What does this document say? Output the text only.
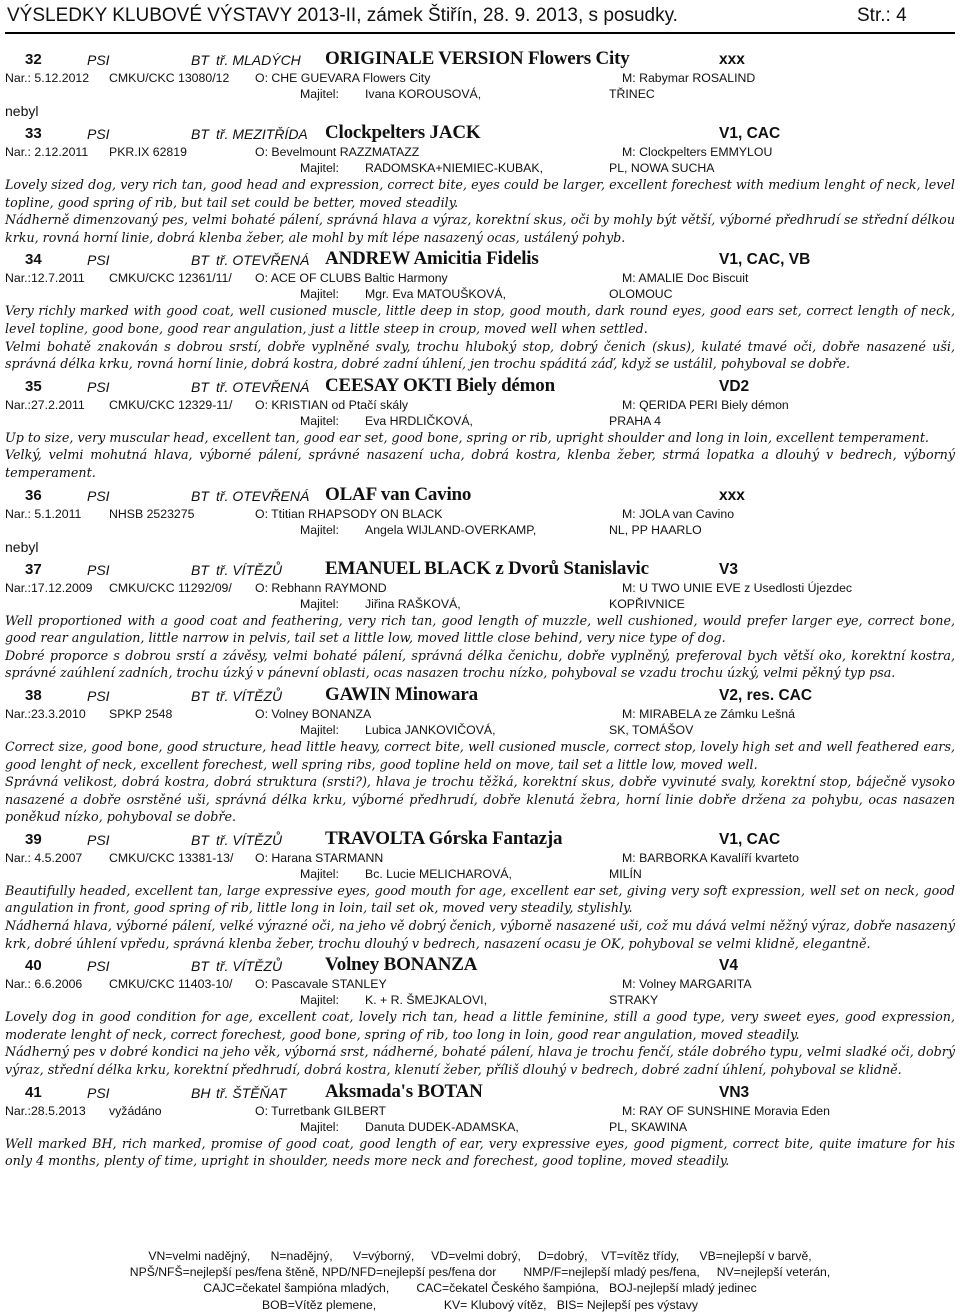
VÝSLEDKY KLUBOVÉ VÝSTAVY 2013-II, zámek Štiřín, 28. 9. 2013, s posudky.	Str.: 4
32	PSI	BT tř. MLADÝCH ORIGINALE VERSION Flowers City	xxx
Nar.: 5.12.2012 CMKU/CKC 13080/12 O: CHE GUEVARA Flowers City	M: Rabymar ROSALIND
Majitel: Ivana KOROUSOVÁ,	TŘINEC
nebyl
33	PSI	BT tř. MEZITŘÍDA Clockpelters JACK	V1, CAC
Nar.: 2.12.2011 PKR.IX 62819	O: Bevelmount RAZZMATAZZ	M: Clockpelters EMMYLOU
Majitel: RADOMSKA+NIEMIEC-KUBAK,	PL, NOWA SUCHA

Lovely sized dog, very rich tan, good head and expression, correct bite, eyes could be larger, excellent forechest with medium lenght of neck, level topline, good spring of rib, but tail set could be better, moved steadily.

Nádherně dimenzovaný pes, velmi bohaté pálení, správná hlava a výraz, korektní skus, oči by mohly být větší, výborné předhrudí se střední délkou krku, rovná horní linie, dobrá klenba žeber, ale mohl by mít lépe nasazený ocas, ustálený pohyb.

34	PSI	BT tř. OTEVŘENÁ ANDREW Amicitia Fidelis	V1, CAC, VB
Nar.:12.7.2011 CMKU/CKC 12361/11/ O: ACE OF CLUBS Baltic Harmony	M: AMALIE Doc Biscuit
Majitel: Mgr. Eva MATOUŠKOVÁ,	OLOMOUC

Very richly marked with good coat, well cusioned muscle, little deep in stop, good mouth, dark round eyes, good ears set, correct length of neck, level topline, good bone, good rear angulation, just a little steep in croup, moved well when settled.

Velmi bohatě znakován s dobrou srstí, dobře vyplněné svaly, trochu hluboký stop, dobrý čenich (skus), kulaté tmavé oči, dobře nasazené uši, správná délka krku, rovná horní linie, dobrá kostra, dobré zadní úhlení, jen trochu spáditá záď, když se ustálil, pohyboval se dobře.

35	PSI	BT tř. OTEVŘENÁ CEESAY OKTI Biely démon	VD2
Nar.:27.2.2011 CMKU/CKC 12329-11/ O: KRISTIAN od Ptačí skály	M: QERIDA PERI Biely démon
Majitel: Eva HRDLIČKOVÁ,	PRAHA 4

Up to size, very muscular head, excellent tan, good ear set, good bone, spring or rib, upright shoulder and long in loin, excellent temperament.

Velký, velmi mohutná hlava, výborné pálení, správné nasazení ucha, dobrá kostra, klenba žeber, strmá lopatka a dlouhý v bedrech, výborný temperament.

36	PSI	BT tř. OTEVŘENÁ OLAF van Cavino	xxx
Nar.: 5.1.2011 NHSB 2523275	O: Ttitian RHAPSODY ON BLACK	M: JOLA van Cavino
Majitel: Angela WIJLAND-OVERKAMP,	NL, PP HAARLO
nebyl
37	PSI	BT tř. VÍTĚZŮ EMANUEL BLACK z Dvorů Stanislavic	V3
Nar.:17.12.2009 CMKU/CKC 11292/09/ O: Rebhann RAYMOND	M: U TWO UNIE EVE z Usedlosti Újezdec
Majitel: Jiřina RAŠKOVÁ,	KOPŘIVNICE

Well proportioned with a good coat and feathering, very rich tan, good length of muzzle, well cushioned, would prefer larger eye, correct bone, good rear angulation, little narrow in pelvis, tail set a little low, moved little close behind, very nice type of dog.

Dobré proporce s dobrou srstí a závěsy, velmi bohaté pálení, správná délka čenichu, dobře vyplněný, preferoval bych větší oko, korektní kostra, správné zaúhlení zadních, trochu úzký v pánevní oblasti, ocas nasazen trochu nízko, pohyboval se vzadu trochu úzký, velmi pěkný typ psa.

38	PSI	BT tř. VÍTĚZŮ GAWIN Minowara	V2, res. CAC
Nar.:23.3.2010 SPKP 2548	O: Volney BONANZA	M: MIRABELA ze Zámku Lešná
Majitel: Lubica JANKOVIČOVÁ,	SK, TOMÁŠOV

Correct size, good bone, good structure, head little heavy, correct bite, well cusioned muscle, correct stop, lovely high set and well feathered ears, good lenght of neck, excellent forechest, well spring ribs, good topline held on move, tail set a little low, moved well.

Správná velikost, dobrá kostra, dobrá struktura (srsti?), hlava je trochu těžká, korektní skus, dobře vyvinuté svaly, korektní stop, báječně vysoko nasazené a dobře osrstěné uši, správná délka krku, výborné předhrudí, dobře klenutá žebra, horní linie dobře držena za pohybu, ocas nasazen poněkud nízko, pohyboval se dobře.

39	PSI	BT tř. VÍTĚZŮ TRAVOLTA Górska Fantazja	V1, CAC
Nar.: 4.5.2007 CMKU/CKC 13381-13/ O: Harana STARMANN	M: BARBORKA Kavalíří kvarteto
Majitel: Bc. Lucie MELICHAROVÁ,	MILÍN

Beautifully headed, excellent tan, large expressive eyes, good mouth for age, excellent ear set, giving very soft expression, well set on neck, good angulation in front, good spring of rib, little long in loin, tail set ok, moved very steadily, stylishly.

Nádherná hlava, výborné pálení, velké výrazné oči, na jeho vě dobrý čenich, výborně nasazené uši, což mu dává velmi něžný výraz, dobře nasazený krk, dobré úhlení vpředu, správná klenba žeber, trochu dlouhý v bedrech, nasazení ocasu je OK, pohyboval se velmi klidně, elegantně.

40	PSI	BT tř. VÍTĚZŮ Volney BONANZA	V4
Nar.: 6.6.2006 CMKU/CKC 11403-10/ O: Pascavale STANLEY	M: Volney MARGARITA
Majitel: K. + R. ŠMEJKALOVI,	STRAKY

Lovely dog in good condition for age, excellent coat, lovely rich tan, head a little feminine, still a good type, very sweet eyes, good expression, moderate lenght of neck, correct forechest, good bone, spring of rib, too long in loin, good rear angulation, moved steadily.

Nádherný pes v dobré kondici na jeho věk, výborná srst, nádherné, bohaté pálení, hlava je trochu fenčí, stále dobrého typu, velmi sladké oči, dobrý výraz, střední délka krku, korektní předhrudí, dobrá kostra, klenutí žeber, příliš dlouhý v bedrech, dobré zadní úhlení, pohyboval se klidně.

41	PSI	BH tř. ŠTĚŇAT Aksmada's BOTAN	VN3
Nar.:28.5.2013 vyžádáno	O: Turretbank GILBERT	M: RAY OF SUNSHINE Moravia Eden
Majitel: Danuta DUDEK-ADAMSKA,	PL, SKAWINA

Well marked BH, rich marked, promise of good coat, good length of ear, very expressive eyes, good pigment, correct bite, quite imature for his only 4 months, plenty of time, upright in shoulder, needs more neck and forechest, good topline, moved steadily.

VN=velmi nadějný,      N=nadějný,      V=výborný,     VD=velmi dobrý,     D=dobrý,    VT=vítěz třídy,      VB=nejlepší v barvě,
NPŠ/NFŠ=nejlepší pes/fena štěně, NPD/NFD=nejlepší pes/fena dor        NMP/F=nejlepší mladý pes/fena,     NV=nejlepší veterán,
CAJC=čekatel šampióna mladých,        CAC=čekatel Českého šampióna,   BOJ-nejlepší mladý jedinec
BOB=Vítěz plemene,                    KV= Klubový vítěz,   BIS= Nejlepší pes výstavy
